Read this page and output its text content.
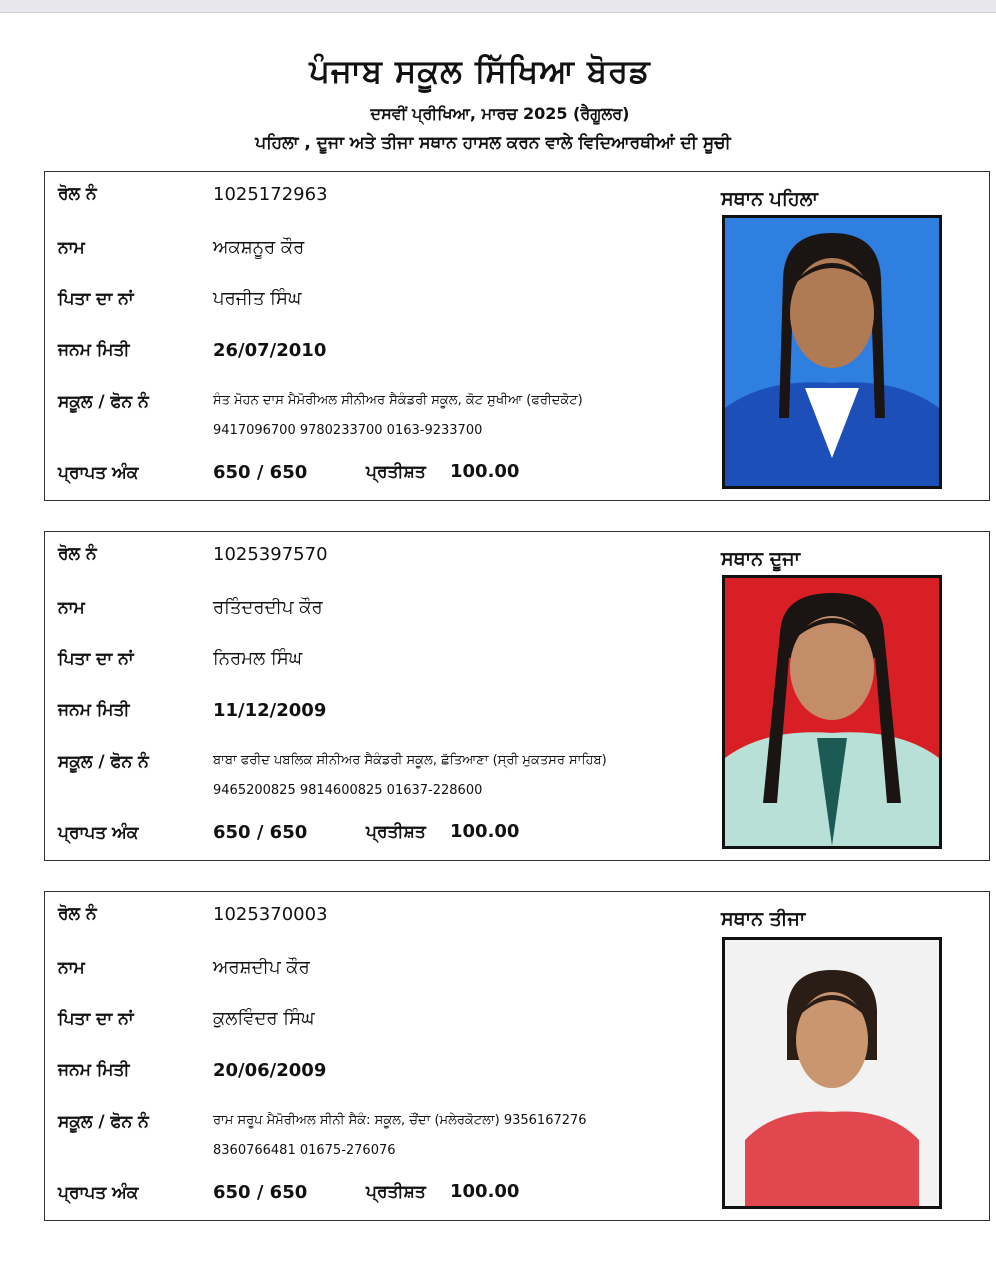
ਪੰਜਾਬ ਸਕੂਲ ਸਿੱਖਿਆ ਬੋਰਡ
ਦਸਵੀਂ ਪ੍ਰੀਖਿਆ, ਮਾਰਚ 2025 (ਰੈਗੂਲਰ)
ਪਹਿਲਾ , ਦੂਜਾ ਅਤੇ ਤੀਜਾ ਸਥਾਨ ਹਾਸਲ ਕਰਨ ਵਾਲੇ ਵਿਦਿਆਰਥੀਆਂ ਦੀ ਸੂਚੀ
ਰੋਲ ਨੰ	1025172963
ਨਾਮ	ਅਕਸ਼ਨੂਰ ਕੌਰ
ਪਿਤਾ ਦਾ ਨਾਂ	ਪਰਜੀਤ ਸਿੰਘ
ਜਨਮ ਮਿਤੀ	26/07/2010
ਸਕੂਲ / ਫੋਨ ਨੰ	ਸੰਤ ਮੋਹਨ ਦਾਸ ਮੈਮੋਰੀਅਲ ਸੀਨੀਅਰ ਸੈਕੰਡਰੀ ਸਕੂਲ, ਕੋਟ ਸੁਖੀਆ (ਫਰੀਦਕੋਟ)
9417096700 9780233700 0163-9233700
ਪ੍ਰਾਪਤ ਅੰਕ	650 / 650	ਪ੍ਰਤੀਸ਼ਤ 100.00
ਸਥਾਨ ਪਹਿਲਾ
ਰੋਲ ਨੰ	1025397570
ਨਾਮ	ਰਤਿੰਦਰਦੀਪ ਕੌਰ
ਪਿਤਾ ਦਾ ਨਾਂ	ਨਿਰਮਲ ਸਿੰਘ
ਜਨਮ ਮਿਤੀ	11/12/2009
ਸਕੂਲ / ਫੋਨ ਨੰ	ਬਾਬਾ ਫਰੀਦ ਪਬਲਿਕ ਸੀਨੀਅਰ ਸੈਕੰਡਰੀ ਸਕੂਲ, ਛੱਤਿਆਣਾ (ਸ੍ਰੀ ਮੁਕਤਸਰ ਸਾਹਿਬ)
9465200825 9814600825 01637-228600
ਪ੍ਰਾਪਤ ਅੰਕ	650 / 650	ਪ੍ਰਤੀਸ਼ਤ 100.00
ਸਥਾਨ ਦੂਜਾ
ਰੋਲ ਨੰ	1025370003
ਨਾਮ	ਅਰਸ਼ਦੀਪ ਕੌਰ
ਪਿਤਾ ਦਾ ਨਾਂ	ਕੁਲਵਿੰਦਰ ਸਿੰਘ
ਜਨਮ ਮਿਤੀ	20/06/2009
ਸਕੂਲ / ਫੋਨ ਨੰ	ਰਾਮ ਸਰੂਪ ਮੈਮੋਰੀਅਲ ਸੀਨੀ ਸੈਕੰ: ਸਕੂਲ, ਚੌਂਦਾ (ਮਲੇਰਕੋਟਲਾ) 9356167276
8360766481 01675-276076
ਪ੍ਰਾਪਤ ਅੰਕ	650 / 650	ਪ੍ਰਤੀਸ਼ਤ 100.00
ਸਥਾਨ ਤੀਜਾ
